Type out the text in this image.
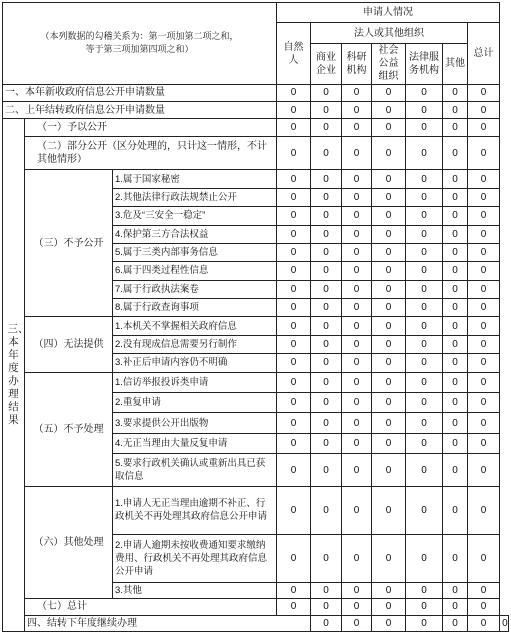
（本列数据的勾稽关系为：第一项加第二项之和，
等于第三项加第四项之和）			申请人情况							
			自然人	法人或其他组织					总计	
				商业企业	科研机构	社会公益组织	法律服务机构	其他		
一、本年新收政府信息公开申请数量			0	0	0	0	0	0	0	
二、上年结转政府信息公开申请数量			0	0	0	0	0	0	0	

三、本年度办理结果	（一）予以公开		0	0	0	0	0	0	0	
	（二）部分公开（区分处理的，只计这一情形，不计其他情形）		0	0	0	0	0	0	0	
	（三）不予公开	1.属于国家秘密	0	0	0	0	0	0	0	
		2.其他法律行政法规禁止公开	0	0	0	0	0	0	0	
		3.危及“三安全一稳定”	0	0	0	0	0	0	0	
		4.保护第三方合法权益	0	0	0	0	0	0	0	
		5.属于三类内部事务信息	0	0	0	0	0	0	0	
		6.属于四类过程性信息	0	0	0	0	0	0	0	
		7.属于行政执法案卷	0	0	0	0	0	0	0	
		8.属于行政查询事项	0	0	0	0	0	0	0	
	（四）无法提供	1.本机关不掌握相关政府信息	0	0	0	0	0	0	0	
		2.没有现成信息需要另行制作	0	0	0	0	0	0	0	
		3.补正后申请内容仍不明确	0	0	0	0	0	0	0	
	（五）不予处理	1.信访举报投诉类申请	0	0	0	0	0	0	0	
		2.重复申请	0	0	0	0	0	0	0	
		3.要求提供公开出版物	0	0	0	0	0	0	0	
		4.无正当理由大量反复申请	0	0	0	0	0	0	0	
		5.要求行政机关确认或重新出具已获取信息	0	0	0	0	0	0	0	
	（六）其他处理	1.申请人无正当理由逾期不补正、行政机关不再处理其政府信息公开申请	0	0	0	0	0	0	0	
		2.申请人逾期未按收费通知要求缴纳费用、行政机关不再处理其政府信息公开申请	0	0	0	0	0	0	0	
		3.其他	0	0	0	0	0	0	0	
	（七）总计		0	0	0	0	0	0	0	
	四、结转下年度继续办理			0	0	0	0	0	0	0
